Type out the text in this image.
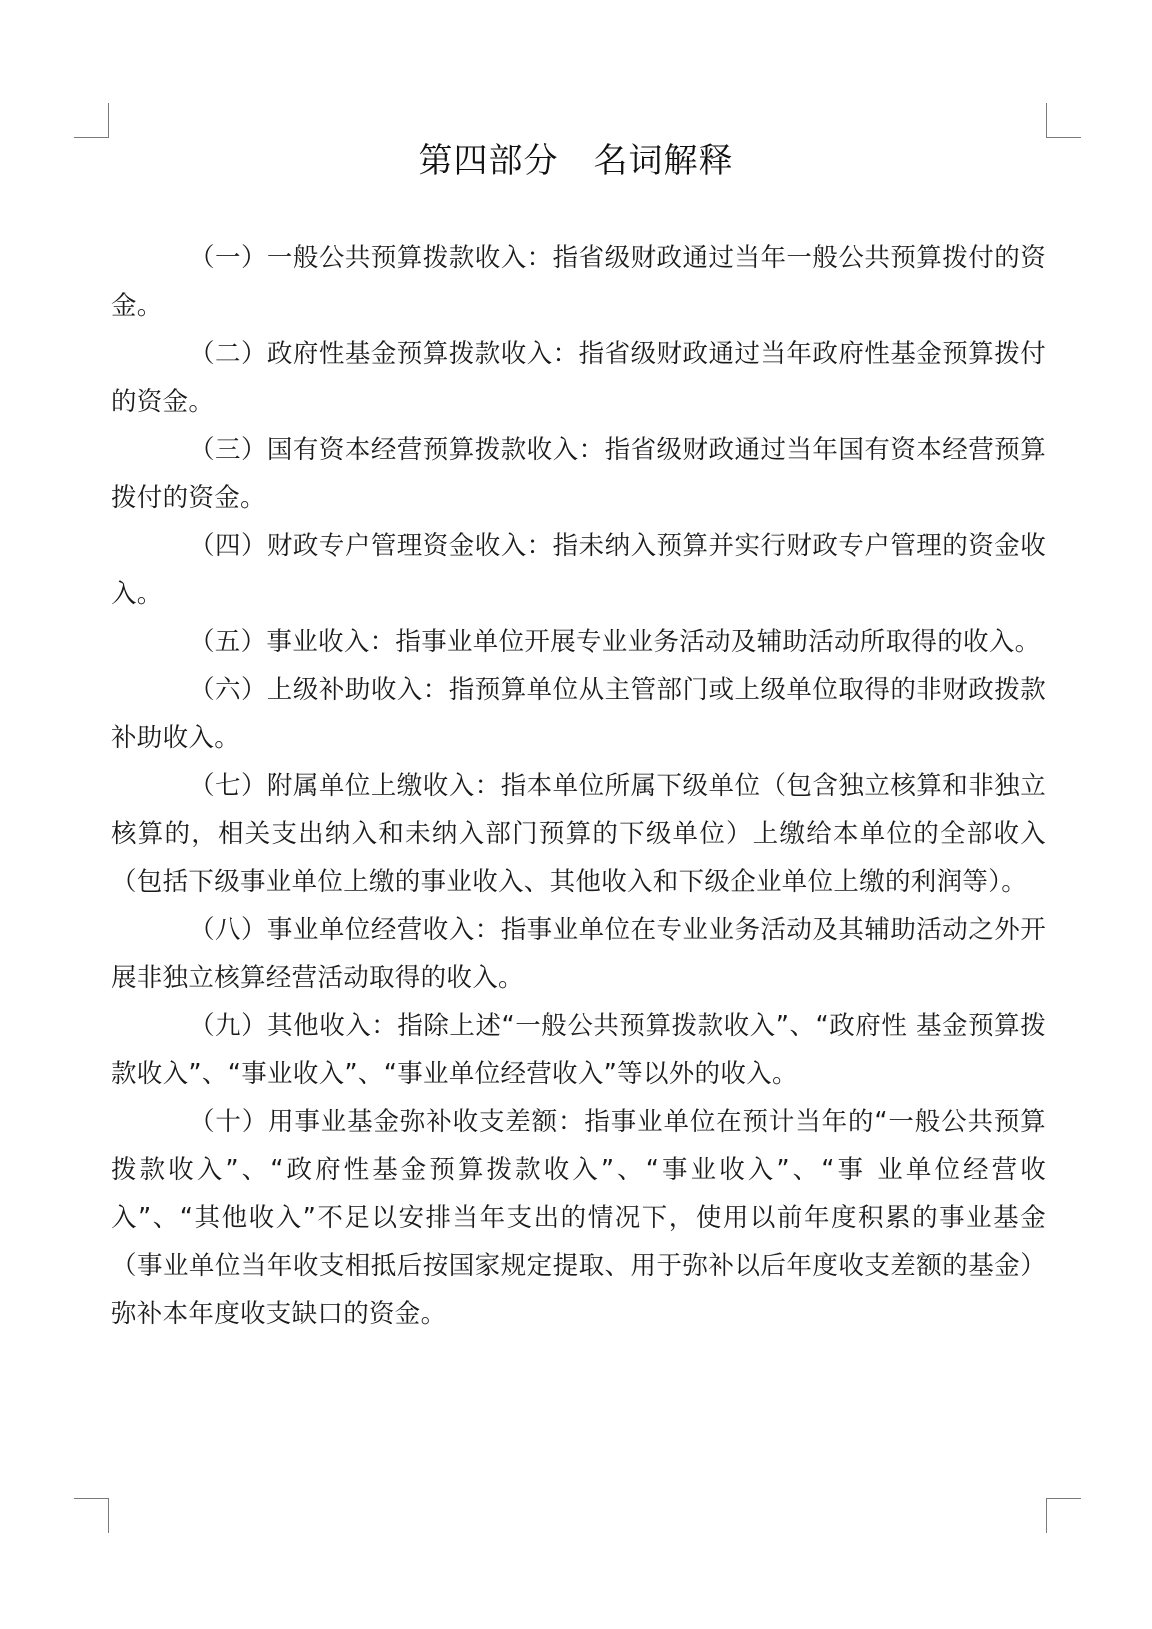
第四部分　名词解释

（一）一般公共预算拨款收入：指省级财政通过当年一般公共预算拨付的资金。

（二）政府性基金预算拨款收入：指省级财政通过当年政府性基金预算拨付的资金。

（三）国有资本经营预算拨款收入：指省级财政通过当年国有资本经营预算拨付的资金。

（四）财政专户管理资金收入：指未纳入预算并实行财政专户管理的资金收入。

（五）事业收入：指事业单位开展专业业务活动及辅助活动所取得的收入。

（六）上级补助收入：指预算单位从主管部门或上级单位取得的非财政拨款补助收入。

（七）附属单位上缴收入：指本单位所属下级单位（包含独立核算和非独立核算的，相关支出纳入和未纳入部门预算的下级单位）上缴给本单位的全部收入（包括下级事业单位上缴的事业收入、其他收入和下级企业单位上缴的利润等）。

（八）事业单位经营收入：指事业单位在专业业务活动及其辅助活动之外开展非独立核算经营活动取得的收入。

（九）其他收入：指除上述“一般公共预算拨款收入”、“政府性 基金预算拨款收入”、“事业收入”、“事业单位经营收入”等以外的收入。

（十）用事业基金弥补收支差额：指事业单位在预计当年的“一般公共预算拨款收入”、“政府性基金预算拨款收入”、“事业收入”、“事 业单位经营收入”、“其他收入”不足以安排当年支出的情况下，使用以前年度积累的事业基金（事业单位当年收支相抵后按国家规定提取、用于弥补以后年度收支差额的基金）弥补本年度收支缺口的资金。
